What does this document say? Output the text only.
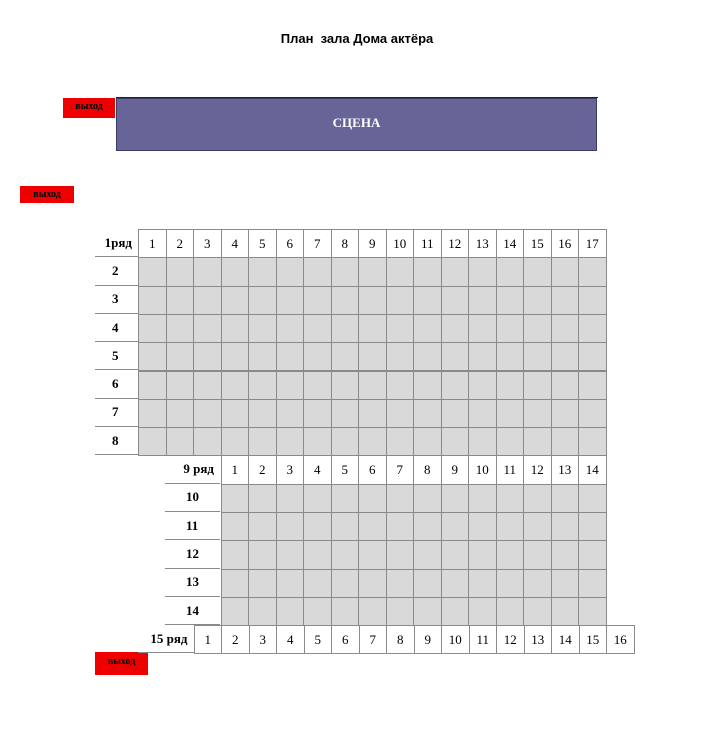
План  зала Дома актёра
выход
СЦЕНА
выход
выход
1ряд	1	2	3	4	5	6	7	8	9	10	11	12	13	14	15	16	17
2
3
4
5
6
7
8
9 ряд	1	2	3	4	5	6	7	8	9	10	11	12	13	14
10
11
12
13
14
15 ряд	1	2	3	4	5	6	7	8	9	10	11	12	13	14	15	16
